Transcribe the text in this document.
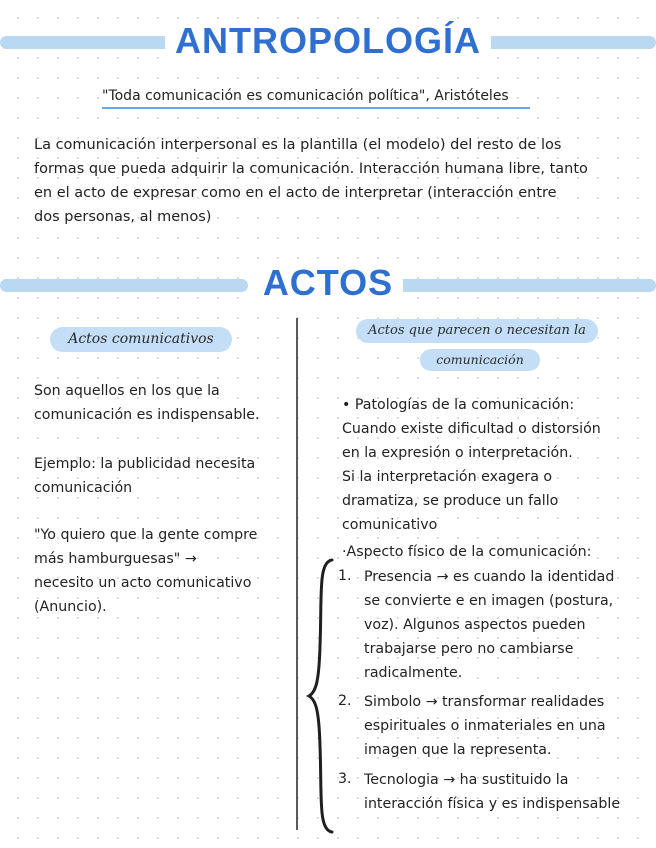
ANTROPOLOGÍA
"Toda comunicación es comunicación política", Aristóteles
La comunicación interpersonal es la plantilla (el modelo) del resto de los
formas que pueda adquirir la comunicación. Interacción humana libre, tanto
en el acto de expresar como en el acto de interpretar (interacción entre
dos personas, al menos)
ACTOS
Actos comunicativos
Son aquellos en los que la
comunicación es indispensable.
Ejemplo: la publicidad necesita
comunicación
"Yo quiero que la gente compre
más hamburguesas" →
necesito un acto comunicativo
(Anuncio).
Actos que parecen o necesitan la
comunicación
• Patologías de la comunicación:
Cuando existe dificultad o distorsión
en la expresión o interpretación.
Si la interpretación exagera o
dramatiza, se produce un fallo
comunicativo
·Aspecto físico de la comunicación:
1. Presencia → es cuando la identidad
se convierte e en imagen (postura,
voz). Algunos aspectos pueden
trabajarse pero no cambiarse
radicalmente.
2. Simbolo → transformar realidades
espirituales o inmateriales en una
imagen que la representa.
3. Tecnologia → ha sustituido la
interacción física y es indispensable
